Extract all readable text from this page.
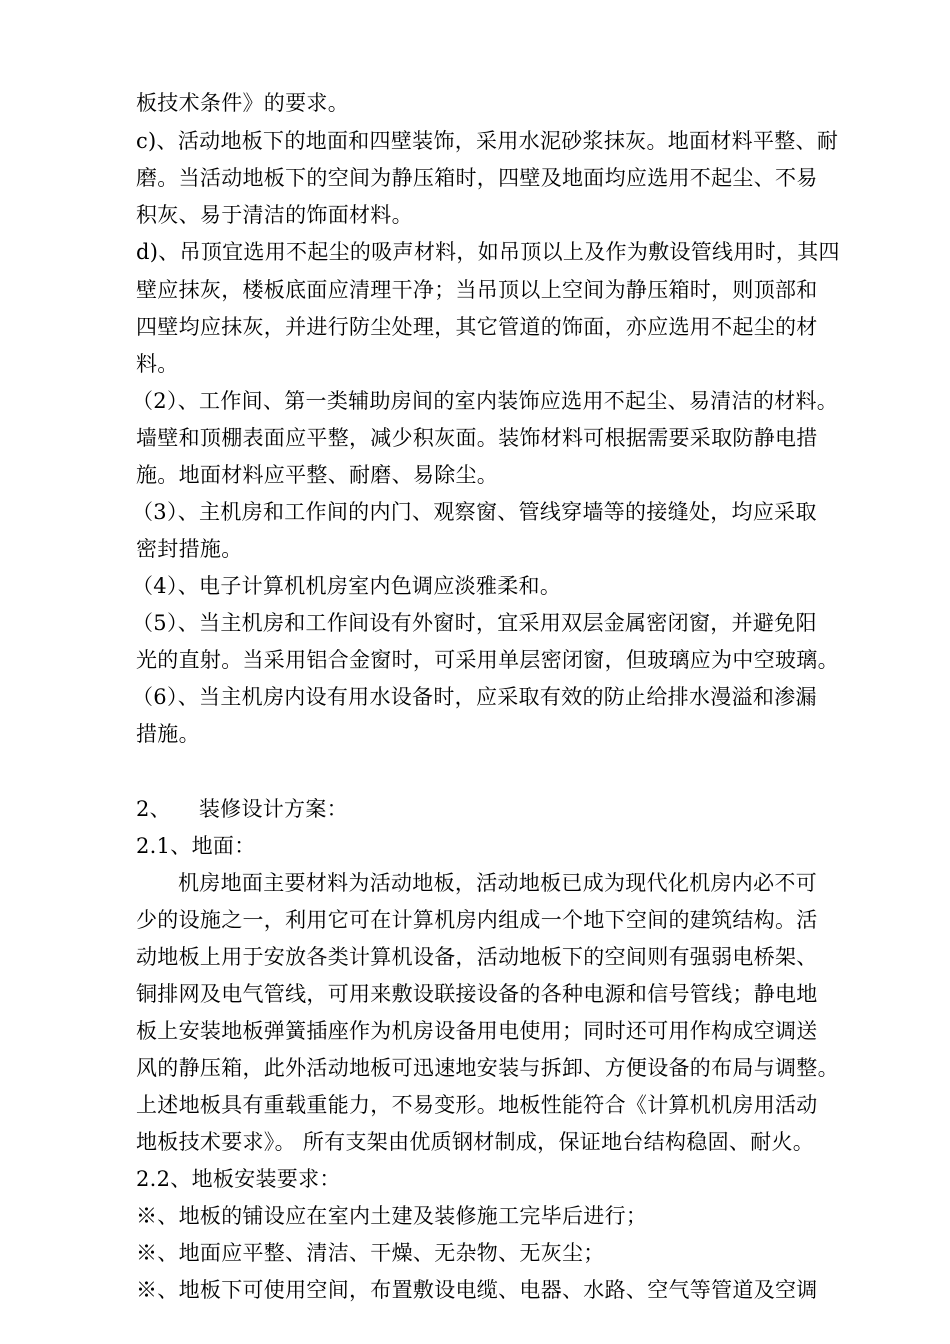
板技术条件》的要求。
c)、活动地板下的地面和四壁装饰，采用水泥砂浆抹灰。地面材料平整、耐
磨。当活动地板下的空间为静压箱时，四壁及地面均应选用不起尘、不易
积灰、易于清洁的饰面材料。
d)、吊顶宜选用不起尘的吸声材料，如吊顶以上及作为敷设管线用时，其四
壁应抹灰，楼板底面应清理干净；当吊顶以上空间为静压箱时，则顶部和
四壁均应抹灰，并进行防尘处理，其它管道的饰面，亦应选用不起尘的材
料。
（2）、工作间、第一类辅助房间的室内装饰应选用不起尘、易清洁的材料。
墙壁和顶棚表面应平整，减少积灰面。装饰材料可根据需要采取防静电措
施。地面材料应平整、耐磨、易除尘。
（3）、主机房和工作间的内门、观察窗、管线穿墙等的接缝处，均应采取
密封措施。
（4）、电子计算机机房室内色调应淡雅柔和。
（5）、当主机房和工作间设有外窗时，宜采用双层金属密闭窗，并避免阳
光的直射。当采用铝合金窗时，可采用单层密闭窗，但玻璃应为中空玻璃。
（6）、当主机房内设有用水设备时，应采取有效的防止给排水漫溢和渗漏
措施。
2、    装修设计方案：
2.1、地面：
机房地面主要材料为活动地板，活动地板已成为现代化机房内必不可
少的设施之一，利用它可在计算机房内组成一个地下空间的建筑结构。活
动地板上用于安放各类计算机设备，活动地板下的空间则有强弱电桥架、
铜排网及电气管线，可用来敷设联接设备的各种电源和信号管线；静电地
板上安装地板弹簧插座作为机房设备用电使用；同时还可用作构成空调送
风的静压箱，此外活动地板可迅速地安装与拆卸、方便设备的布局与调整。
上述地板具有重载重能力，不易变形。地板性能符合《计算机机房用活动
地板技术要求》。 所有支架由优质钢材制成，保证地台结构稳固、耐火。
2.2、地板安装要求：
※、地板的铺设应在室内土建及装修施工完毕后进行；
※、地面应平整、清洁、干燥、无杂物、无灰尘；
※、地板下可使用空间，布置敷设电缆、电器、水路、空气等管道及空调
